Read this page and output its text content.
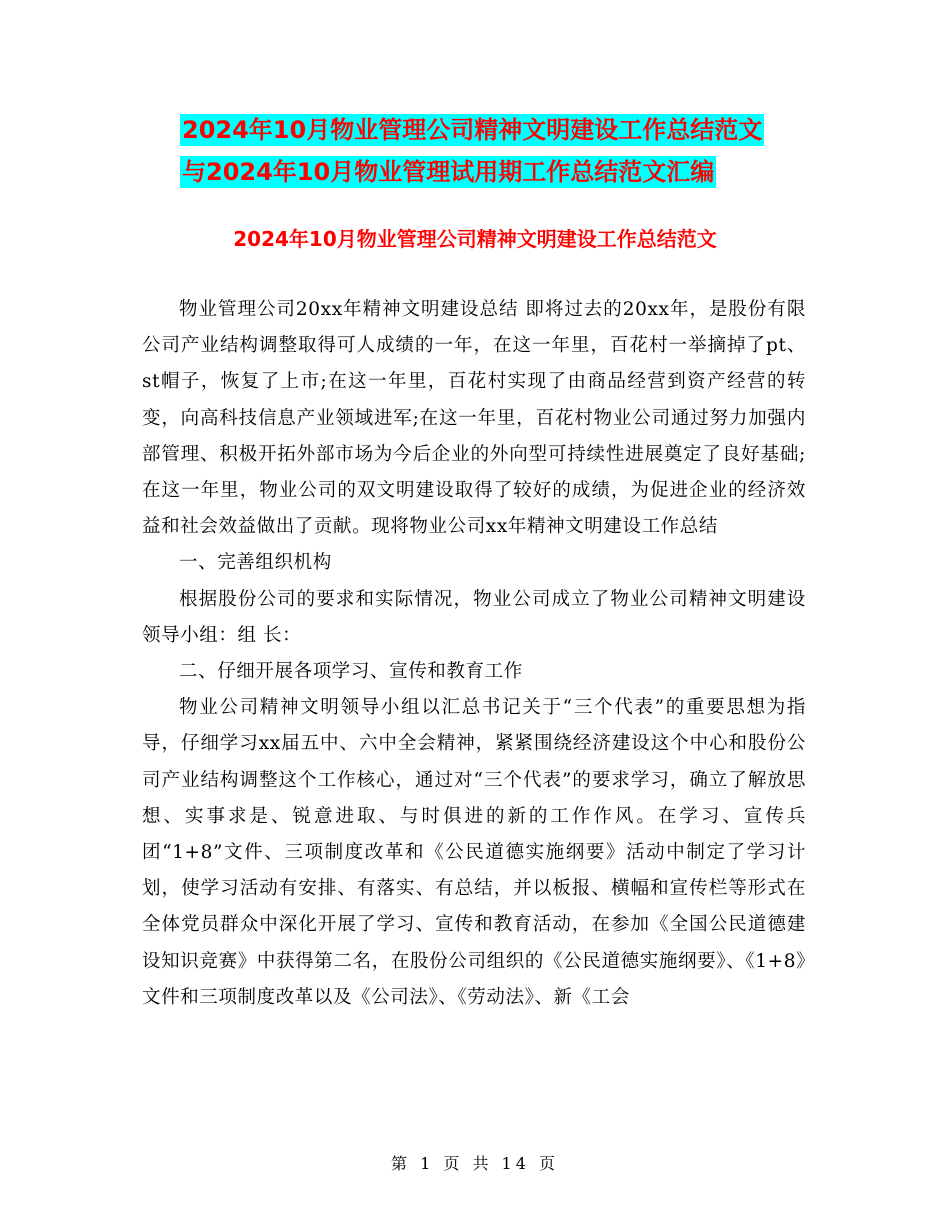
2024年10月物业管理公司精神文明建设工作总结范文
与2024年10月物业管理试用期工作总结范文汇编
2024年10月物业管理公司精神文明建设工作总结范文

物业管理公司20xx年精神文明建设总结 即将过去的20xx年，是股份有限公司产业结构调整取得可人成绩的一年，在这一年里，百花村一举摘掉了pt、st帽子，恢复了上市;在这一年里，百花村实现了由商品经营到资产经营的转变，向高科技信息产业领域进军;在这一年里，百花村物业公司通过努力加强内部管理、积极开拓外部市场为今后企业的外向型可持续性进展奠定了良好基础;在这一年里，物业公司的双文明建设取得了较好的成绩，为促进企业的经济效益和社会效益做出了贡献。现将物业公司xx年精神文明建设工作总结

一、完善组织机构

根据股份公司的要求和实际情况，物业公司成立了物业公司精神文明建设领导小组：组 长：

二、仔细开展各项学习、宣传和教育工作

物业公司精神文明领导小组以汇总书记关于“三个代表”的重要思想为指导，仔细学习xx届五中、六中全会精神，紧紧围绕经济建设这个中心和股份公司产业结构调整这个工作核心，通过对“三个代表”的要求学习，确立了解放思想、实事求是、锐意进取、与时俱进的新的工作作风。在学习、宣传兵团“1+8”文件、三项制度改革和《公民道德实施纲要》活动中制定了学习计划，使学习活动有安排、有落实、有总结，并以板报、横幅和宣传栏等形式在全体党员群众中深化开展了学习、宣传和教育活动，在参加《全国公民道德建设知识竞赛》中获得第二名，在股份公司组织的《公民道德实施纲要》、《1+8》文件和三项制度改革以及《公司法》、《劳动法》、新《工会

第 1 页 共 14 页
